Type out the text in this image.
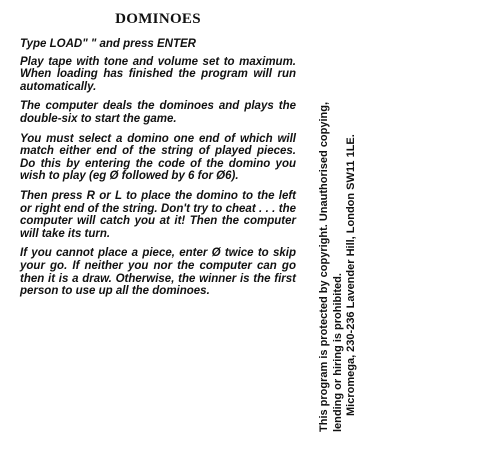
DOMINOES

Type LOAD" " and press ENTER

Play tape with tone and volume set to maximum. When loading has finished the program will run automatically.

The computer deals the dominoes and plays the double-six to start the game.

You must select a domino one end of which will match either end of the string of played pieces. Do this by entering the code of the domino you wish to play (eg Ø followed by 6 for Ø6).

Then press R or L to place the domino to the left or right end of the string. Don't try to cheat . . . the computer will catch you at it! Then the computer will take its turn.

If you cannot place a piece, enter Ø twice to skip your go. If neither you nor the computer can go then it is a draw. Otherwise, the winner is the first person to use up all the dominoes.	This program is protected by copyright. Unauthorised copying, lending or hiring is prohibited. Micromega, 230-236 Lavender Hill, London SW11 1LE.
